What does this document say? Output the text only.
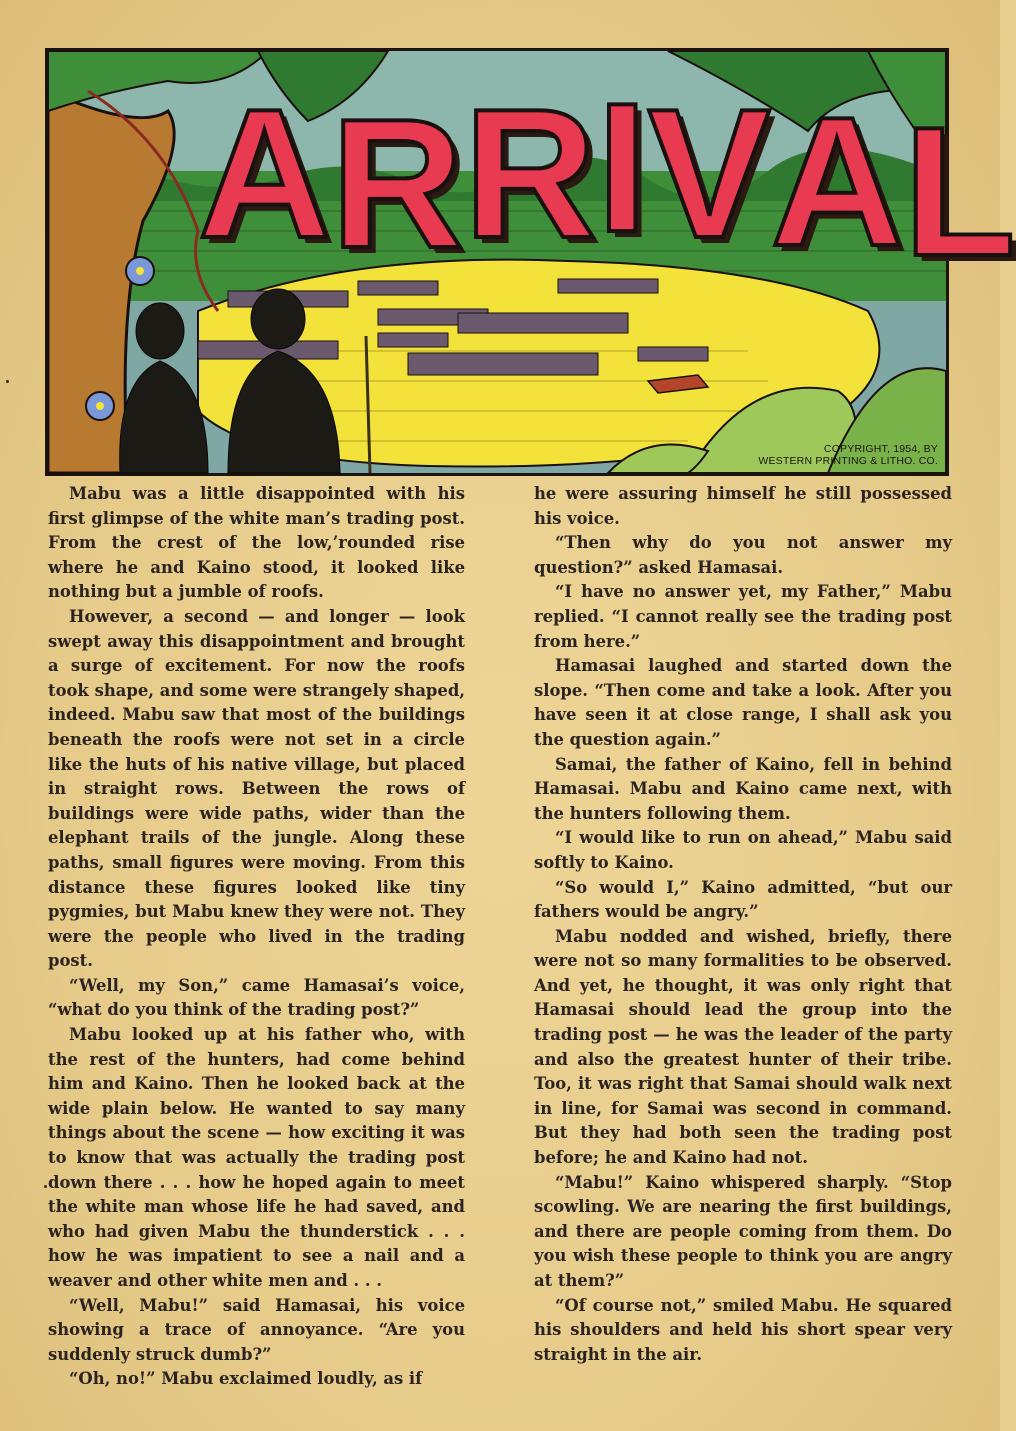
A R R I V A L
COPYRIGHT, 1954, BY
WESTERN PRINTING & LITHO. CO.

Mabu was a little disappointed with his first glimpse of the white man’s trading post. From the crest of the low,’rounded rise where he and Kaino stood, it looked like nothing but a jumble of roofs.

However, a second — and longer — look swept away this disappointment and brought a surge of excitement. For now the roofs took shape, and some were strangely shaped, indeed. Mabu saw that most of the buildings beneath the roofs were not set in a circle like the huts of his native village, but placed in straight rows. Between the rows of buildings were wide paths, wider than the elephant trails of the jungle. Along these paths, small figures were moving. From this distance these figures looked like tiny pygmies, but Mabu knew they were not. They were the people who lived in the trading post.

“Well, my Son,” came Hamasai’s voice, “what do you think of the trading post?”

Mabu looked up at his father who, with the rest of the hunters, had come behind him and Kaino. Then he looked back at the wide plain below. He wanted to say many things about the scene — how exciting it was to know that was actually the trading post down there . . . how he hoped again to meet the white man whose life he had saved, and who had given Mabu the thunderstick . . . how he was impatient to see a nail and a weaver and other white men and . . .

“Well, Mabu!” said Hamasai, his voice showing a trace of annoyance. “Are you suddenly struck dumb?”

“Oh, no!” Mabu exclaimed loudly, as if

he were assuring himself he still possessed his voice.

“Then why do you not answer my question?” asked Hamasai.

“I have no answer yet, my Father,” Mabu replied. “I cannot really see the trading post from here.”

Hamasai laughed and started down the slope. “Then come and take a look. After you have seen it at close range, I shall ask you the question again.”

Samai, the father of Kaino, fell in behind Hamasai. Mabu and Kaino came next, with the hunters following them.

“I would like to run on ahead,” Mabu said softly to Kaino.

“So would I,” Kaino admitted, “but our fathers would be angry.”

Mabu nodded and wished, briefly, there were not so many formalities to be observed. And yet, he thought, it was only right that Hamasai should lead the group into the trading post — he was the leader of the party and also the greatest hunter of their tribe. Too, it was right that Samai should walk next in line, for Samai was second in command. But they had both seen the trading post before; he and Kaino had not.

“Mabu!” Kaino whispered sharply. “Stop scowling. We are nearing the first buildings, and there are people coming from them. Do you wish these people to think you are angry at them?”

“Of course not,” smiled Mabu. He squared his shoulders and held his short spear very straight in the air.
